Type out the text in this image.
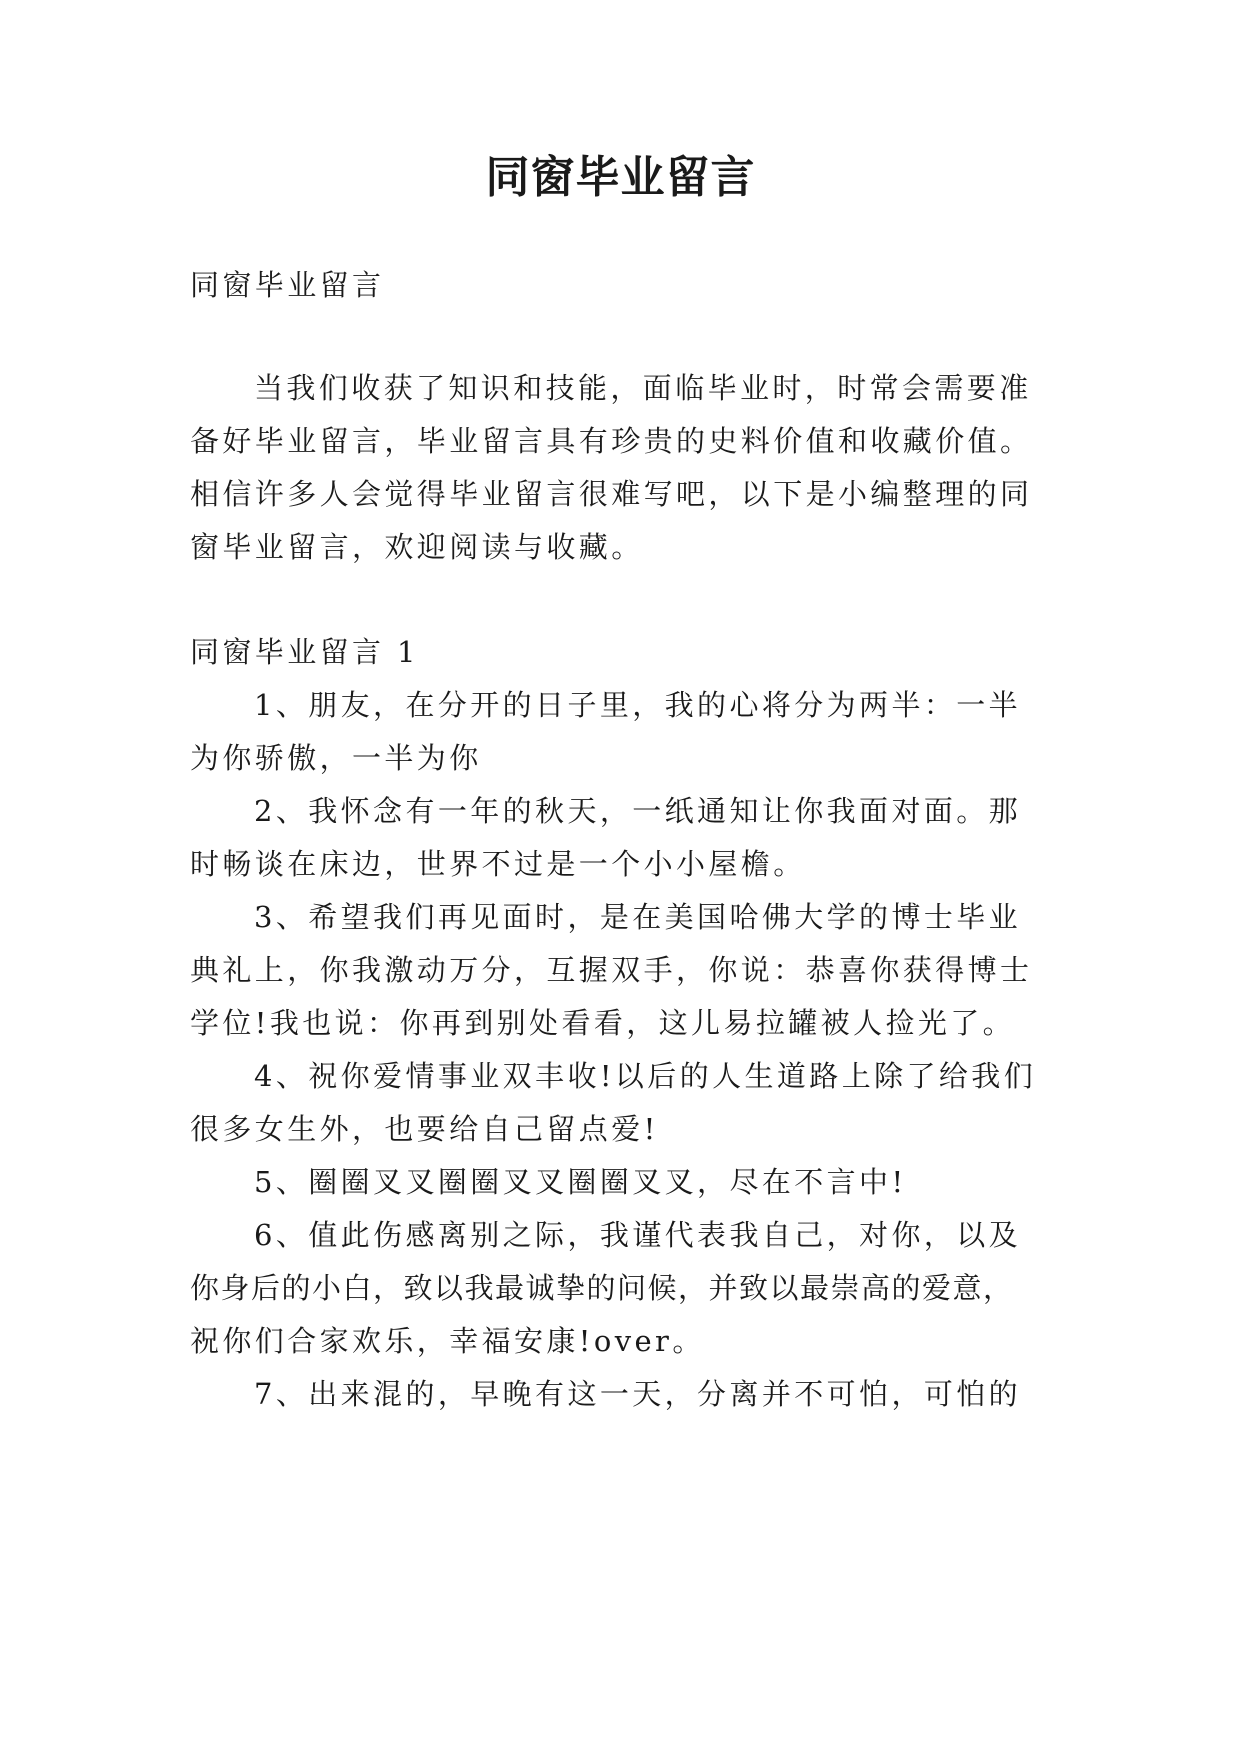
同窗毕业留言

同窗毕业留言

当我们收获了知识和技能，面临毕业时，时常会需要准

备好毕业留言，毕业留言具有珍贵的史料价值和收藏价值。

相信许多人会觉得毕业留言很难写吧，以下是小编整理的同

窗毕业留言，欢迎阅读与收藏。

同窗毕业留言 1

1、朋友，在分开的日子里，我的心将分为两半：一半

为你骄傲，一半为你

2、我怀念有一年的秋天，一纸通知让你我面对面。那

时畅谈在床边，世界不过是一个小小屋檐。

3、希望我们再见面时，是在美国哈佛大学的博士毕业

典礼上，你我激动万分，互握双手，你说：恭喜你获得博士

学位!我也说：你再到别处看看，这儿易拉罐被人捡光了。

4、祝你爱情事业双丰收!以后的人生道路上除了给我们

很多女生外，也要给自己留点爱!

5、圈圈叉叉圈圈叉叉圈圈叉叉，尽在不言中!

6、值此伤感离别之际，我谨代表我自己，对你，以及

你身后的小白，致以我最诚挚的问候，并致以最崇高的爱意，

祝你们合家欢乐，幸福安康!over。

7、出来混的，早晚有这一天，分离并不可怕，可怕的
